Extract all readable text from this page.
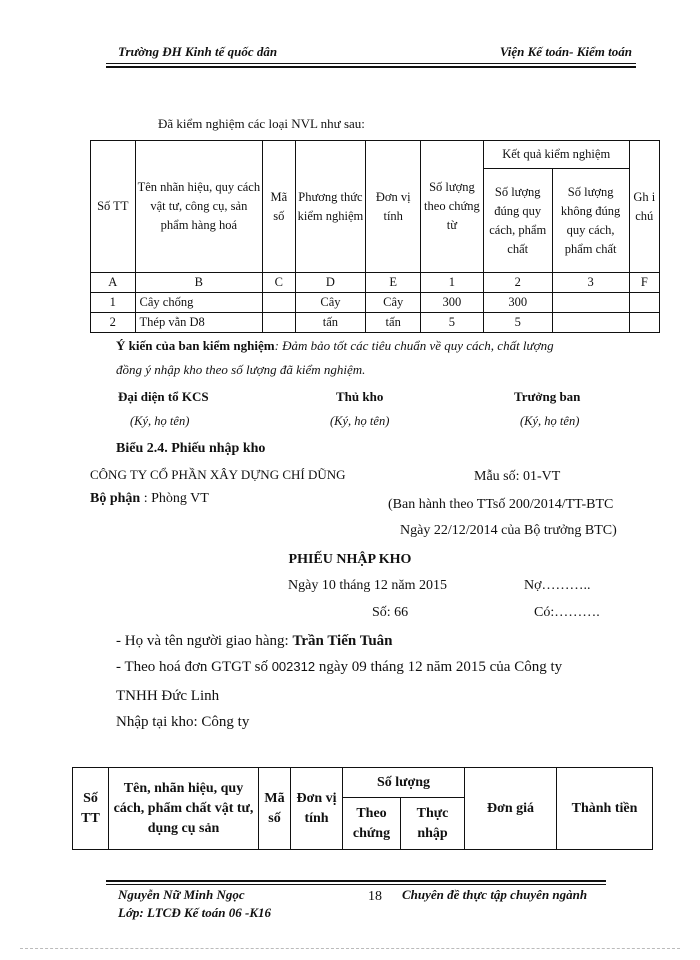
Trường ĐH Kinh tế quốc dân	Viện Kế toán- Kiểm toán
Đã kiểm nghiệm các loại NVL như sau:
Số TT	Tên nhãn hiệu, quy cách vật tư, công cụ, sản phẩm hàng hoá	Mã số	Phương thức kiểm nghiệm	Đơn vị tính	Số lượng theo chứng từ	Kết quả kiểm nghiệm		Gh i chú
						Số lượng đúng quy cách, phẩm chất	Số lượng không đúng quy cách, phẩm chất	
A	B	C	D	E	1	2	3	F
1	Cây chống		Cây	Cây	300	300		
2	Thép vằn D8		tấn	tấn	5	5		
Ý kiến của ban kiểm nghiệm: Đảm bảo tốt các tiêu chuẩn về quy cách, chất lượng
đồng ý nhập kho theo số lượng đã kiểm nghiệm.
Đại diện tổ KCS	Thủ kho	Trưởng ban
(Ký, họ tên)	(Ký, họ tên)	(Ký, họ tên)
Biểu 2.4. Phiếu nhập kho
CÔNG TY CỔ PHẦN XÂY DỰNG CHÍ DŨNG	Mẫu số: 01-VT
Bộ phận : Phòng VT	(Ban hành theo TTsố 200/2014/TT-BTC
Ngày 22/12/2014 của Bộ trưởng BTC)
PHIẾU NHẬP KHO
Ngày 10 tháng 12 năm 2015	Nợ………..
Số: 66	Có:……….
- Họ và tên người giao hàng: Trần Tiến Tuân
- Theo hoá đơn GTGT số 002312 ngày 09 tháng 12 năm 2015 của Công ty
TNHH Đức Linh
Nhập tại kho: Công ty
Số TT	Tên, nhãn hiệu, quy cách, phẩm chất vật tư, dụng cụ sản	Mã số	Đơn vị tính	Số lượng		Đơn giá	Thành tiền
				Theo chứng	Thực nhập		
Nguyễn Nữ Minh Ngọc
Lớp: LTCĐ Kế toán 06 -K16
18 Chuyên đề thực tập chuyên ngành
